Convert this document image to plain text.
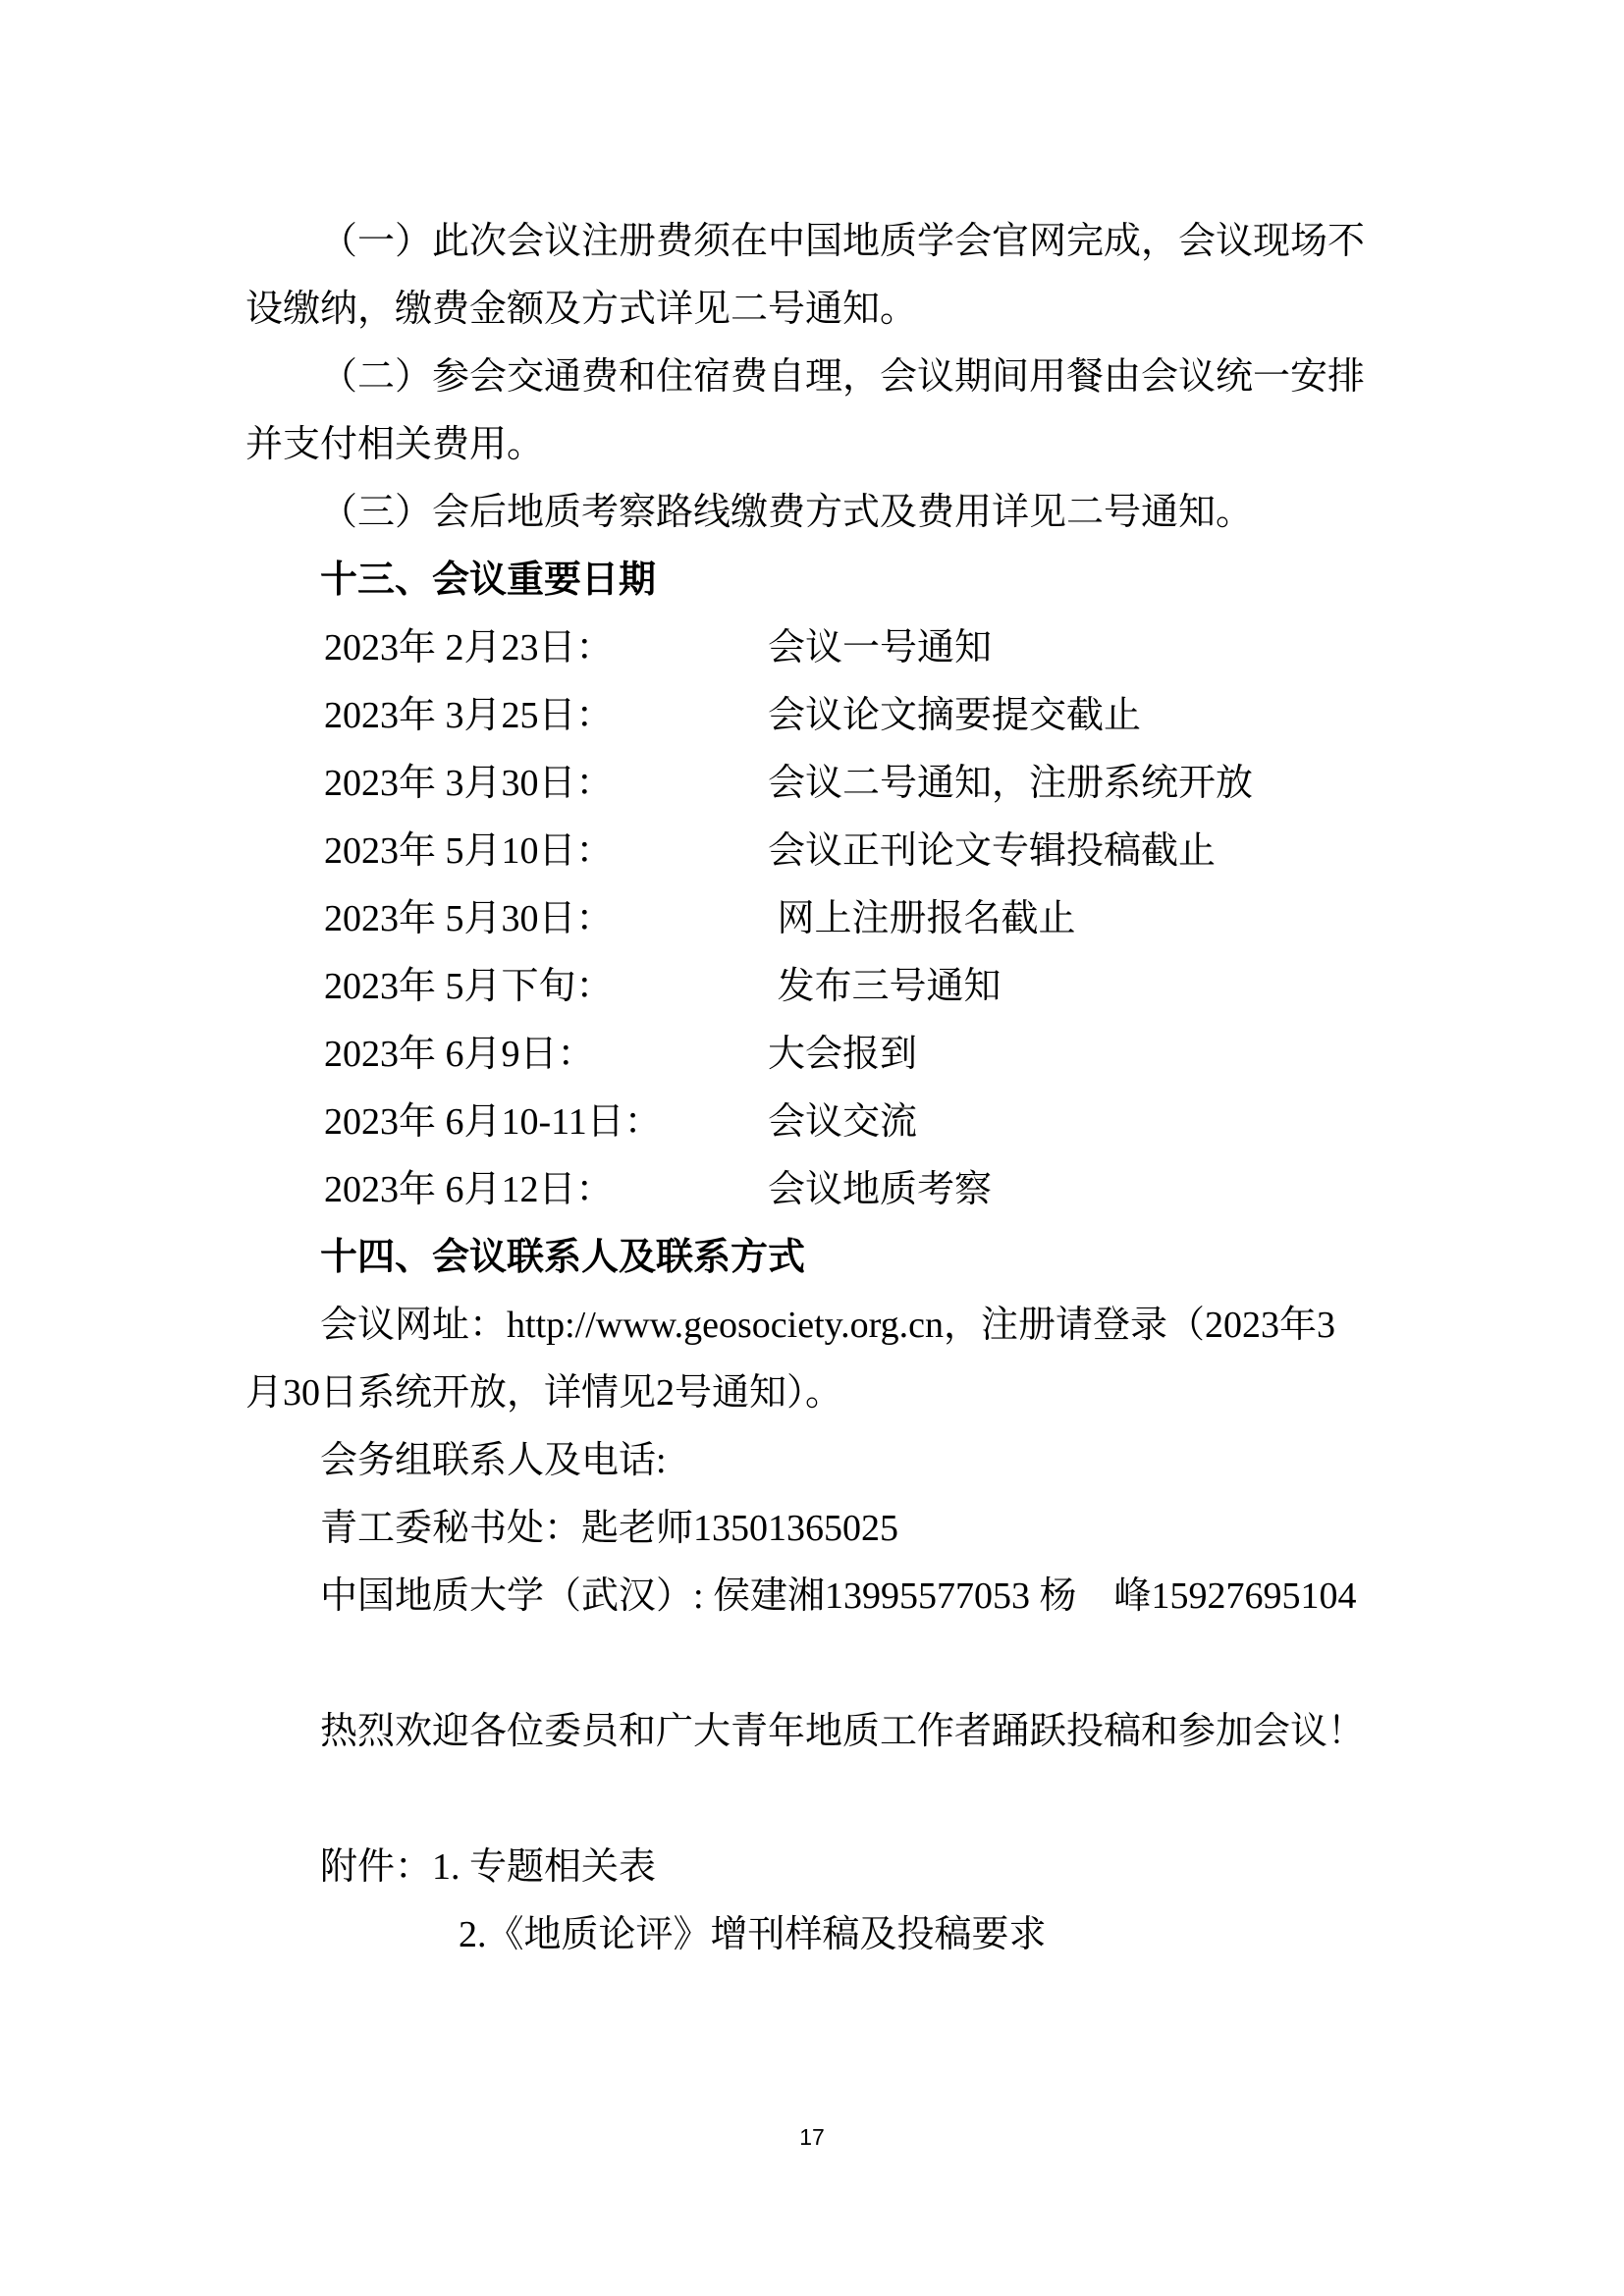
（一）此次会议注册费须在中国地质学会官网完成，会议现场不

设缴纳，缴费金额及方式详见二号通知。

（二）参会交通费和住宿费自理，会议期间用餐由会议统一安排

并支付相关费用。

（三）会后地质考察路线缴费方式及费用详见二号通知。

十三、会议重要日期
2023年 2月23日：	会议一号通知
2023年 3月25日：	会议论文摘要提交截止
2023年 3月30日：	会议二号通知，注册系统开放
2023年 5月10日：	会议正刊论文专辑投稿截止
2023年 5月30日：	网上注册报名截止
2023年 5月下旬：	发布三号通知
2023年 6月9日：	大会报到
2023年 6月10-11日：	会议交流
2023年 6月12日：	会议地质考察
十四、会议联系人及联系方式

会议网址：http://www.geosociety.org.cn，注册请登录（2023年3

月30日系统开放，详情见2号通知）。

会务组联系人及电话:

青工委秘书处：匙老师13501365025

中国地质大学（武汉）: 侯建湘13995577053 杨　峰15927695104

热烈欢迎各位委员和广大青年地质工作者踊跃投稿和参加会议！

附件：1. 专题相关表

2.《地质论评》增刊样稿及投稿要求

17
